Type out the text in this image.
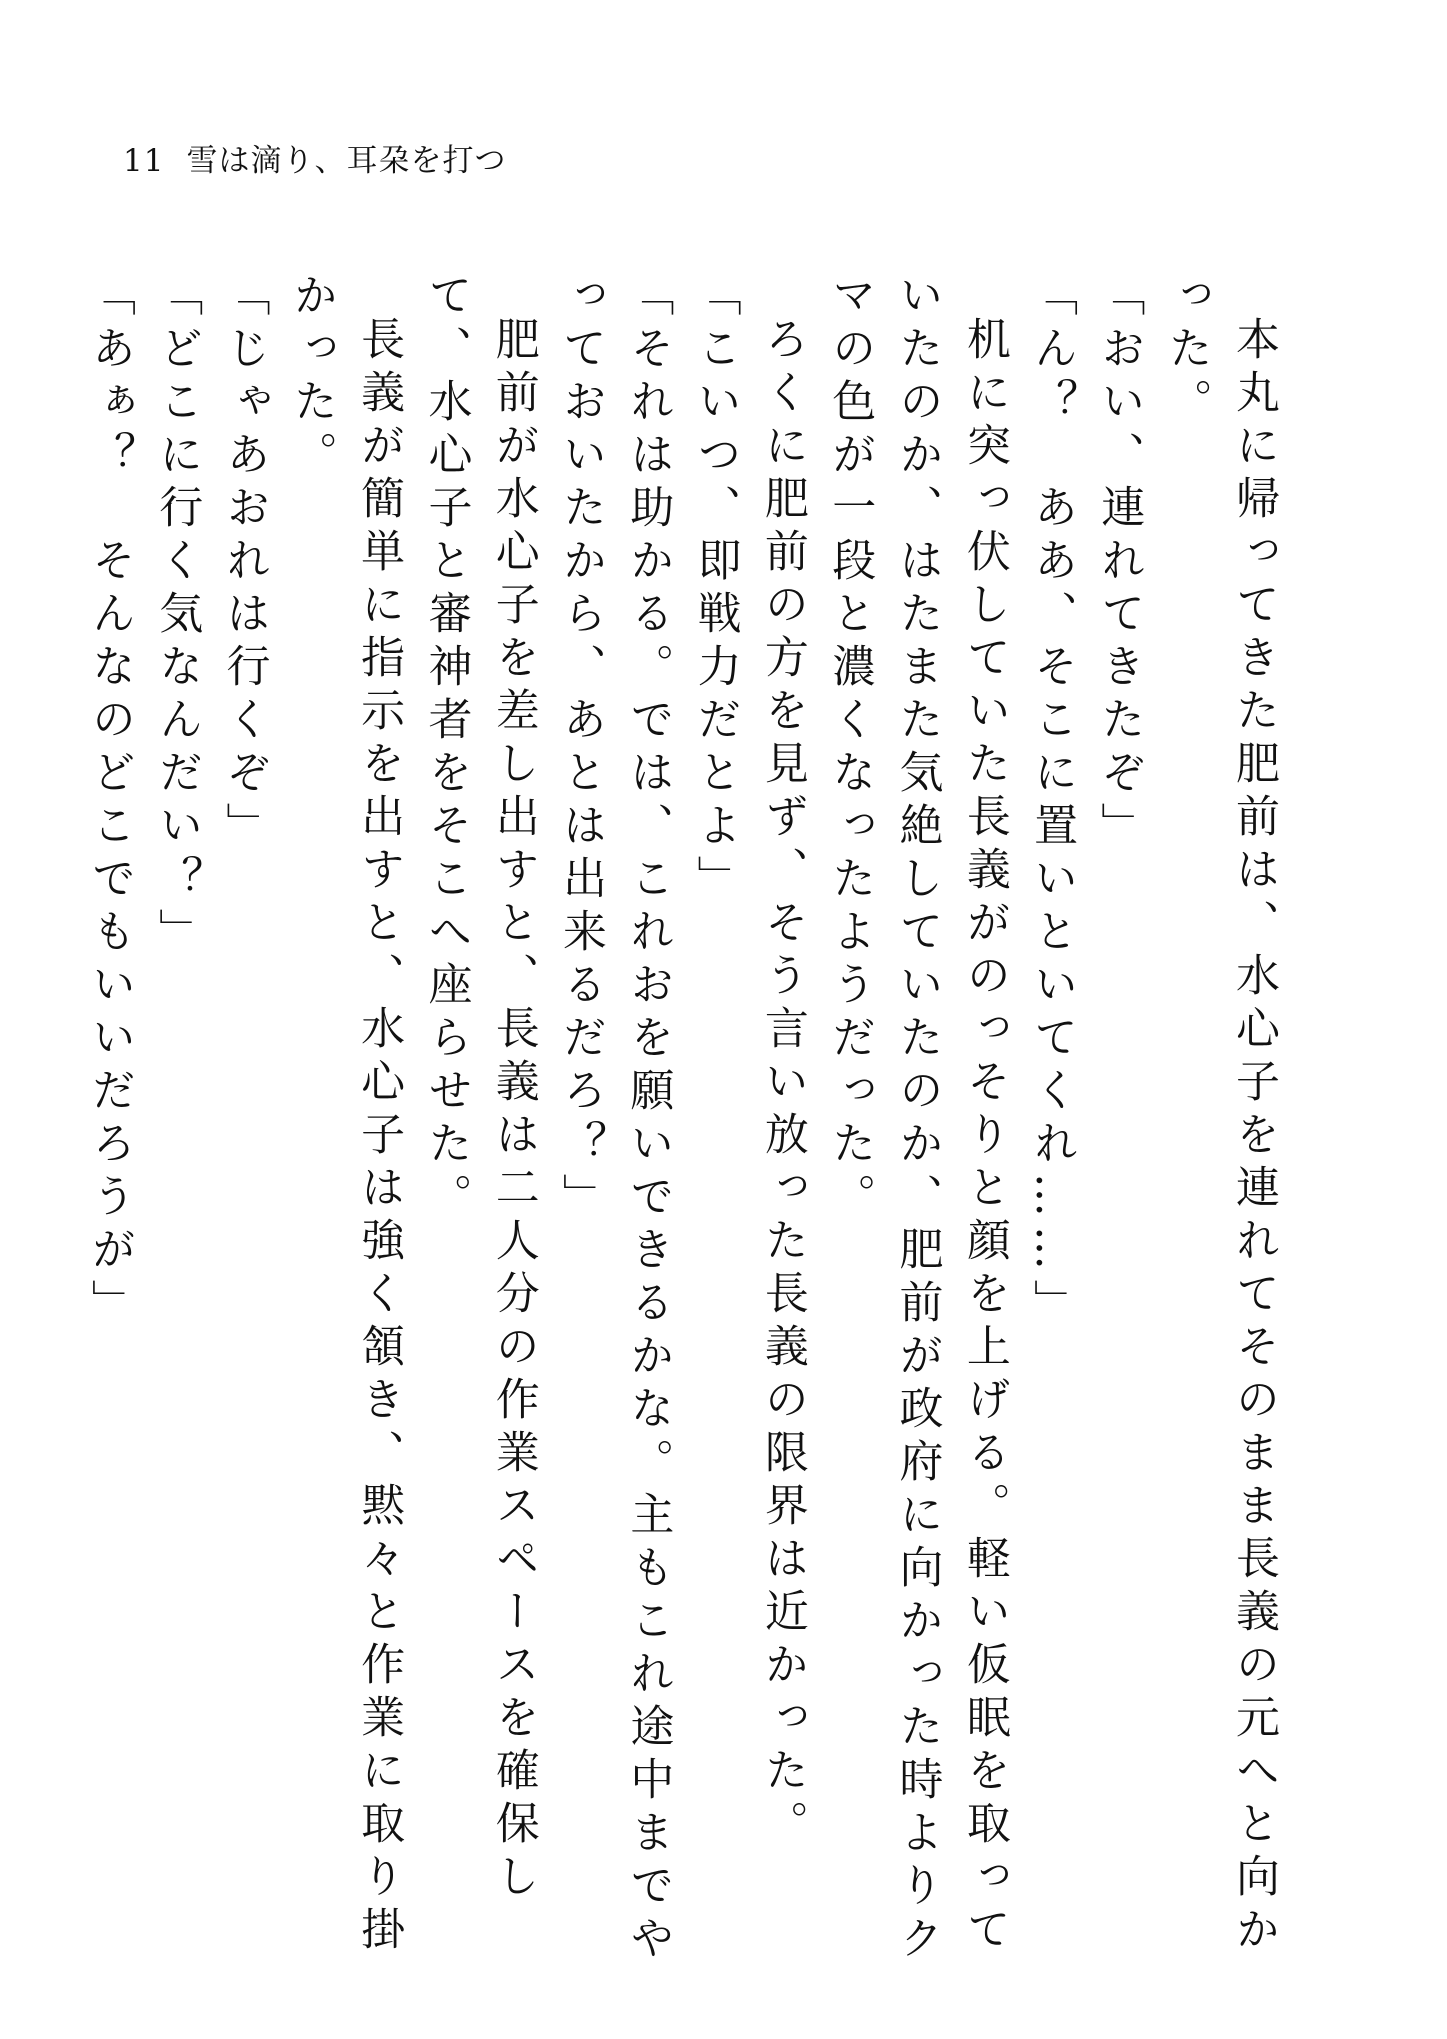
11 雪は滴り、耳朶を打つ

本丸に帰ってきた肥前は、水心子を連れてそのまま長義の元へと向かった。

「おい、連れてきたぞ」

「ん？　ああ、そこに置いといてくれ……」

机に突っ伏していた長義がのっそりと顔を上げる。軽い仮眠を取っていたのか、はたまた気絶していたのか、肥前が政府に向かった時よりクマの色が一段と濃くなったようだった。

ろくに肥前の方を見ず、そう言い放った長義の限界は近かった。

「こいつ、即戦力だとよ」

「それは助かる。では、これおを願いできるかな。主もこれ途中までやっておいたから、あとは出来るだろ？」

肥前が水心子を差し出すと、長義は二人分の作業スペースを確保して、水心子と審神者をそこへ座らせた。

長義が簡単に指示を出すと、水心子は強く頷き、黙々と作業に取り掛かった。

「じゃあおれは行くぞ」

「どこに行く気なんだい？」

「あぁ？　そんなのどこでもいいだろうが」
